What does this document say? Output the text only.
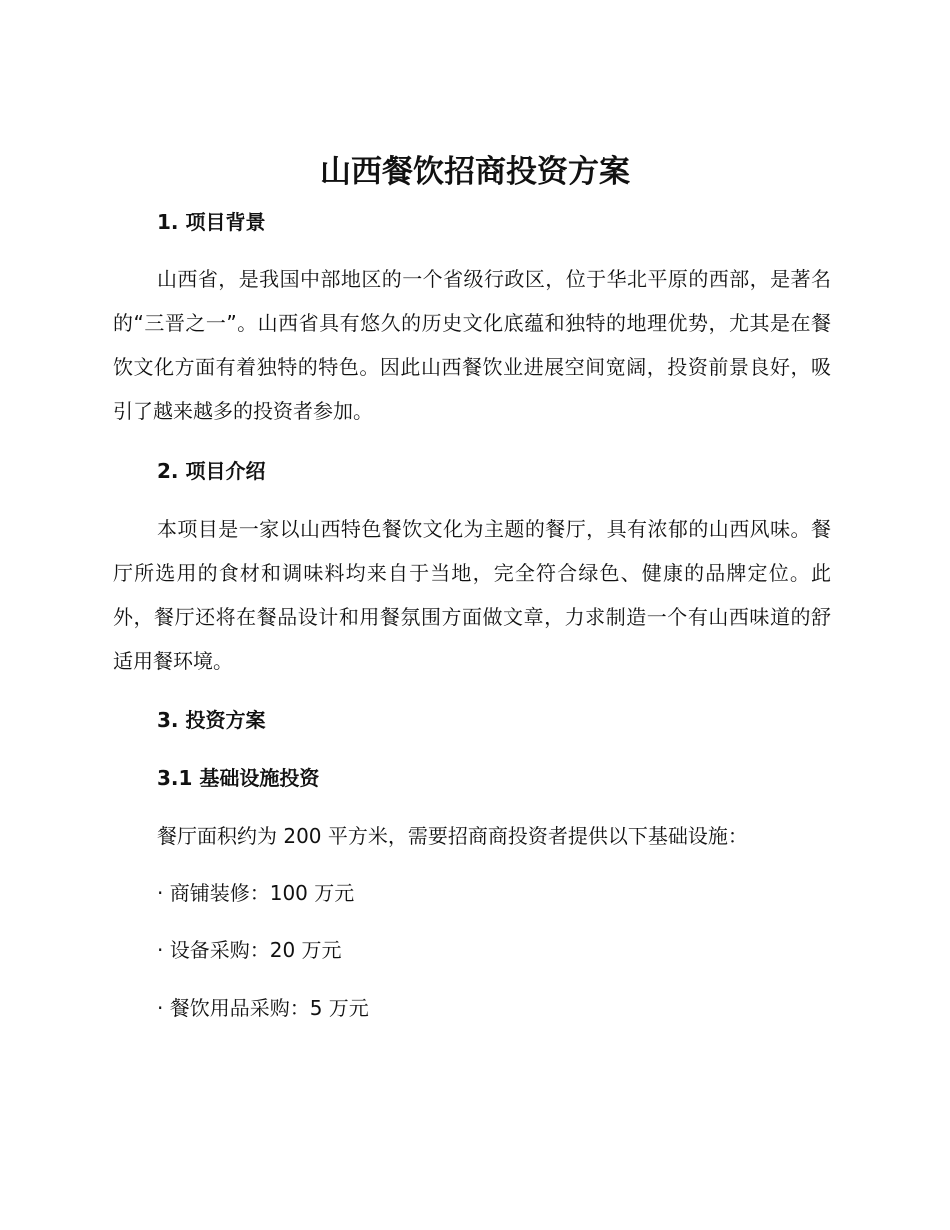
山西餐饮招商投资方案
1. 项目背景

山西省，是我国中部地区的一个省级行政区，位于华北平原的西部，是著名的“三晋之一”。山西省具有悠久的历史文化底蕴和独特的地理优势，尤其是在餐饮文化方面有着独特的特色。因此山西餐饮业进展空间宽阔，投资前景良好，吸引了越来越多的投资者参加。

2. 项目介绍

本项目是一家以山西特色餐饮文化为主题的餐厅，具有浓郁的山西风味。餐厅所选用的食材和调味料均来自于当地，完全符合绿色、健康的品牌定位。此外，餐厅还将在餐品设计和用餐氛围方面做文章，力求制造一个有山西味道的舒适用餐环境。

3. 投资方案
3.1 基础设施投资

餐厅面积约为 200 平方米，需要招商商投资者提供以下基础设施：

· 商铺装修：100 万元

· 设备采购：20 万元

· 餐饮用品采购：5 万元
